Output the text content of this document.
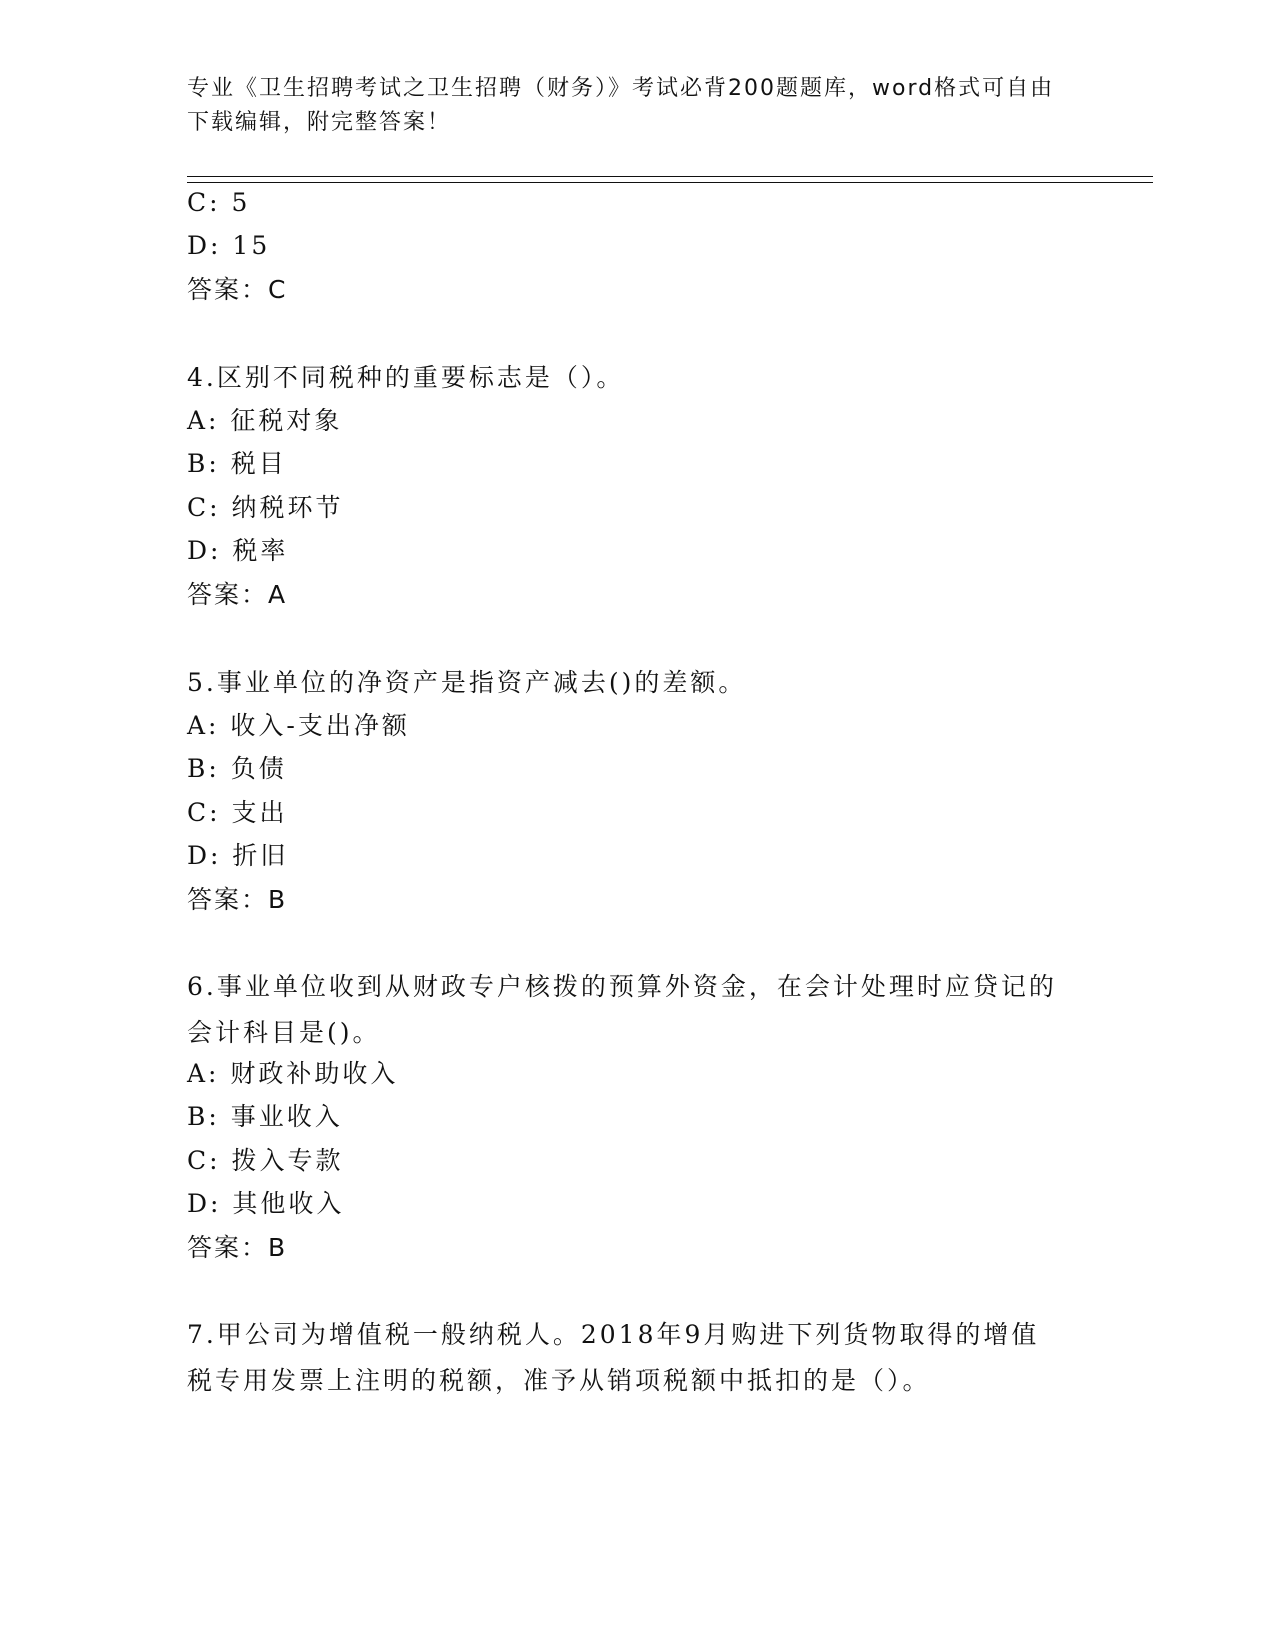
专业《卫生招聘考试之卫生招聘（财务）》考试必背200题题库，word格式可自由下载编辑，附完整答案！
C: 5
D: 15
答案：C
4.区别不同税种的重要标志是（）。
A: 征税对象
B: 税目
C: 纳税环节
D: 税率
答案：A
5.事业单位的净资产是指资产减去()的差额。
A: 收入-支出净额
B: 负债
C: 支出
D: 折旧
答案：B
6.事业单位收到从财政专户核拨的预算外资金，在会计处理时应贷记的会计科目是()。
A: 财政补助收入
B: 事业收入
C: 拨入专款
D: 其他收入
答案：B
7.甲公司为增值税一般纳税人。2018年9月购进下列货物取得的增值税专用发票上注明的税额，准予从销项税额中抵扣的是（）。
